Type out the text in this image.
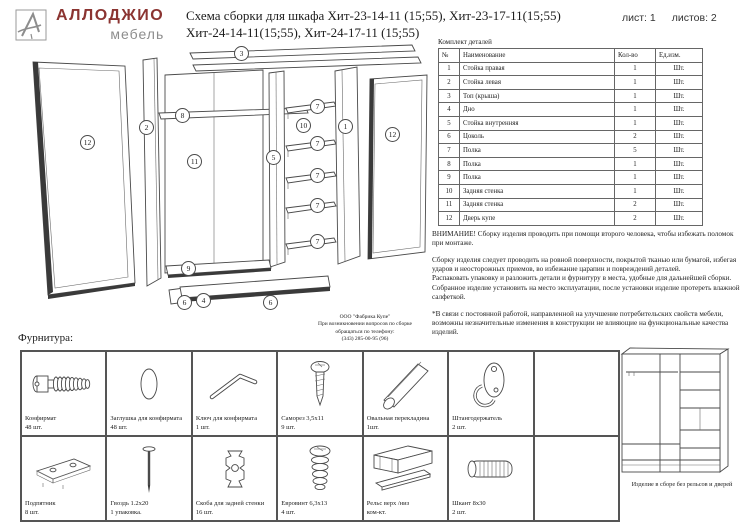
АЛЛОДЖИО
мебель
Схема сборки для шкафа Хит-23-14-11 (15;55), Хит-23-17-11(15;55)
Хит-24-14-11(15;55), Хит-24-17-11 (15;55)
лист: 1 листов: 2
Комплект деталей
№	Наименование	Кол-во	Ед.изм.
1	Стойка правая	1	Шт.
2	Стойка левая	1	Шт.
3	Топ (крыша)	1	Шт.
4	Дно	1	Шт.
5	Стойка внутренняя	1	Шт.
6	Цоколь	2	Шт.
7	Полка	5	Шт.
8	Полка	1	Шт.
9	Полка	1	Шт.
10	Задняя стенка	1	Шт.
11	Задняя стенка	2	Шт.
12	Дверь купе	2	Шт.

ВНИМАНИЕ! Сборку изделия проводить при помощи второго человека, чтобы избежать поломок при монтаже.

Сборку изделия следует проводить на ровной поверхности, покрытой тканью или бумагой, избегая ударов и неосторожных приемов, во избежание царапин и повреждений деталей.

Распаковать упаковку и разложить детали и фурнитуру в места, удобные для дальнейшей сборки.

Собранное изделие установить на место эксплуатации, после установки изделие протереть влажной салфеткой.

*В связи с постоянной работой, направленной на улучшение потребительских свойств мебели, возможны незначительные изменения в конструкции не влияющие на функциональные качества изделий.

ООО "Фабрика Купе"
При возникновении вопросов по сборке
обращаться по телефону:
(343) 285-00-95 (96)
3
8
2
12
11	5
10
7
7
7
7
7
1
12
9
6	4	6
Фурнитура:
Конфирмат
48 шт.
Заглушка для конфирмата
48 шт.
Ключ для конфирмата
1 шт.
Саморез 3,5х11
9 шт.
Овальная перекладина
1шт.
Штангодержатель
2 шт.
Подпятник
8 шт.
Гвоздь 1.2х20
1 упаковка.
Скоба для задней стенки
16 шт.
Евровинт 6,3х13
4 шт.
Рельс верх /низ
ком-кт.
Шкант 8х30
2 шт.
Изделие в сборе без рельсов и дверей
